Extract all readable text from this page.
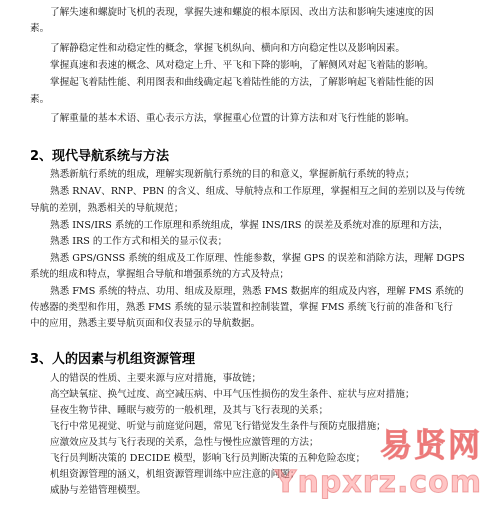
了解失速和螺旋时飞机的表现，掌握失速和螺旋的根本原因、改出方法和影响失速速度的因
素。
了解静稳定性和动稳定性的概念，掌握飞机纵向、横向和方向稳定性以及影响因素。
掌握真速和表速的概念、风对稳定上升、平飞和下降的影响，了解侧风对起飞着陆的影响。
掌握起飞着陆性能、利用图表和曲线确定起飞着陆性能的方法，了解影响起飞着陆性能的因
素。
了解重量的基本术语、重心表示方法，掌握重心位置的计算方法和对飞行性能的影响。
2、现代导航系统与方法
熟悉新航行系统的组成，理解实现新航行系统的目的和意义，掌握新航行系统的特点；
熟悉 RNAV、RNP、PBN 的含义、组成、导航特点和工作原理，掌握相互之间的差别以及与传统
导航的差别，熟悉相关的导航规范；
熟悉 INS/IRS 系统的工作原理和系统组成，掌握 INS/IRS 的误差及系统对准的原理和方法，
熟悉 IRS 的工作方式和相关的显示仪表；
熟悉 GPS/GNSS 系统的组成及工作原理、性能参数，掌握 GPS 的误差和消除方法，理解 DGPS
系统的组成和特点，掌握组合导航和增强系统的方式及特点；
熟悉 FMS 系统的特点、功用、组成及原理，熟悉 FMS 数据库的组成及内容，理解 FMS 系统的
传感器的类型和作用，熟悉 FMS 系统的显示装置和控制装置，掌握 FMS 系统飞行前的准备和飞行
中的应用，熟悉主要导航页面和仪表显示的导航数据。
3、人的因素与机组资源管理
人的错误的性质、主要来源与应对措施，事故链；
高空缺氧症、换气过度、高空减压病、中耳气压性损伤的发生条件、症状与应对措施；
昼夜生物节律、睡眠与疲劳的一般机理，及其与飞行表现的关系；
飞行中常见视觉、听觉与前庭觉问题，常见飞行错觉发生条件与预防克服措施；
应激效应及其与飞行表现的关系，急性与慢性应激管理的方法；
飞行员判断决策的 DECIDE 模型，影响飞行员判断决策的五种危险态度；
机组资源管理的涵义，机组资源管理训练中应注意的问题；
威胁与差错管理模型。
易贤网
Ynpxrz.com
